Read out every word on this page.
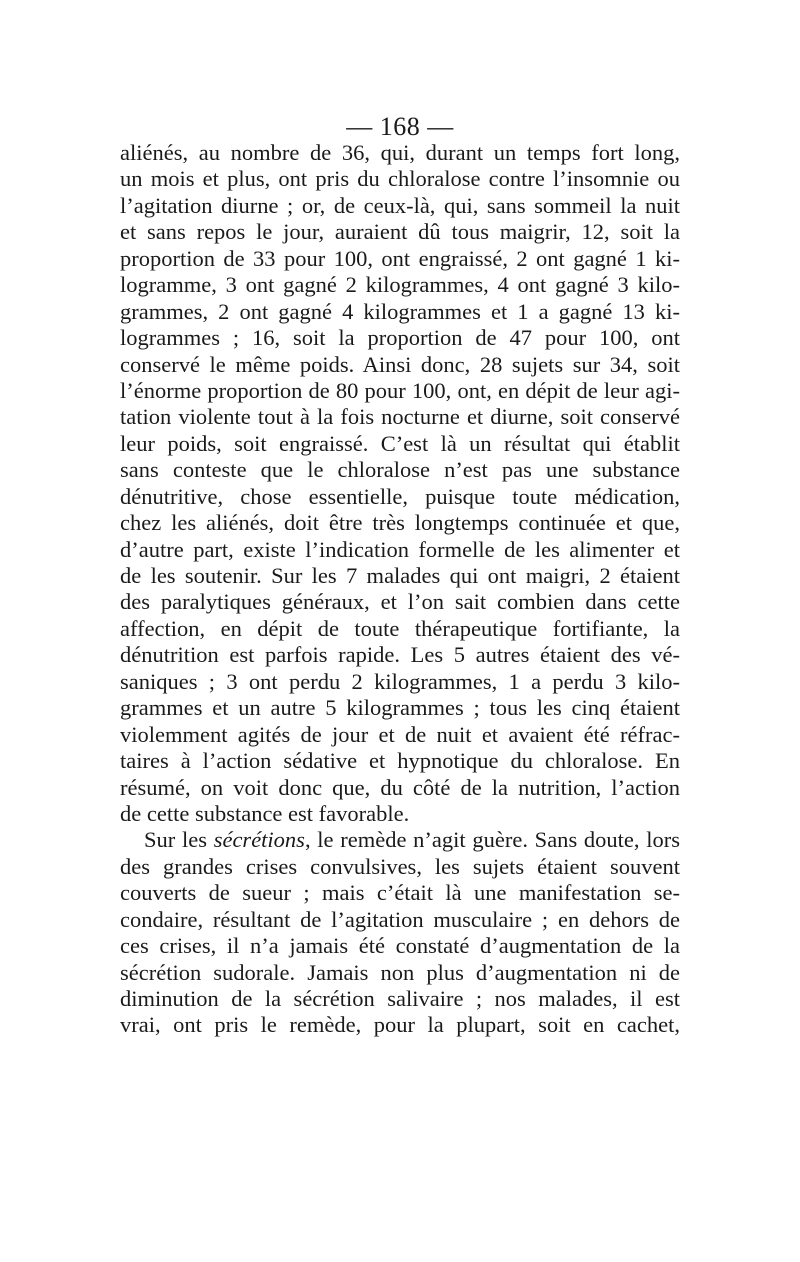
— 168 —
aliénés, au nombre de 36, qui, durant un temps fort long,
un mois et plus, ont pris du chloralose contre l’insomnie ou
l’agitation diurne ; or, de ceux-là, qui, sans sommeil la nuit
et sans repos le jour, auraient dû tous maigrir, 12, soit la
proportion de 33 pour 100, ont engraissé, 2 ont gagné 1 ki-
logramme, 3 ont gagné 2 kilogrammes, 4 ont gagné 3 kilo-
grammes, 2 ont gagné 4 kilogrammes et 1 a gagné 13 ki-
logrammes ; 16, soit la proportion de 47 pour 100, ont
conservé le même poids. Ainsi donc, 28 sujets sur 34, soit
l’énorme proportion de 80 pour 100, ont, en dépit de leur agi-
tation violente tout à la fois nocturne et diurne, soit conservé
leur poids, soit engraissé. C’est là un résultat qui établit
sans conteste que le chloralose n’est pas une substance
dénutritive, chose essentielle, puisque toute médication,
chez les aliénés, doit être très longtemps continuée et que,
d’autre part, existe l’indication formelle de les alimenter et
de les soutenir. Sur les 7 malades qui ont maigri, 2 étaient
des paralytiques généraux, et l’on sait combien dans cette
affection, en dépit de toute thérapeutique fortifiante, la
dénutrition est parfois rapide. Les 5 autres étaient des vé-
saniques ; 3 ont perdu 2 kilogrammes, 1 a perdu 3 kilo-
grammes et un autre 5 kilogrammes ; tous les cinq étaient
violemment agités de jour et de nuit et avaient été réfrac-
taires à l’action sédative et hypnotique du chloralose. En
résumé, on voit donc que, du côté de la nutrition, l’action
de cette substance est favorable.
Sur les sécrétions, le remède n’agit guère. Sans doute, lors
des grandes crises convulsives, les sujets étaient souvent
couverts de sueur ; mais c’était là une manifestation se-
condaire, résultant de l’agitation musculaire ; en dehors de
ces crises, il n’a jamais été constaté d’augmentation de la
sécrétion sudorale. Jamais non plus d’augmentation ni de
diminution de la sécrétion salivaire ; nos malades, il est
vrai, ont pris le remède, pour la plupart, soit en cachet,
